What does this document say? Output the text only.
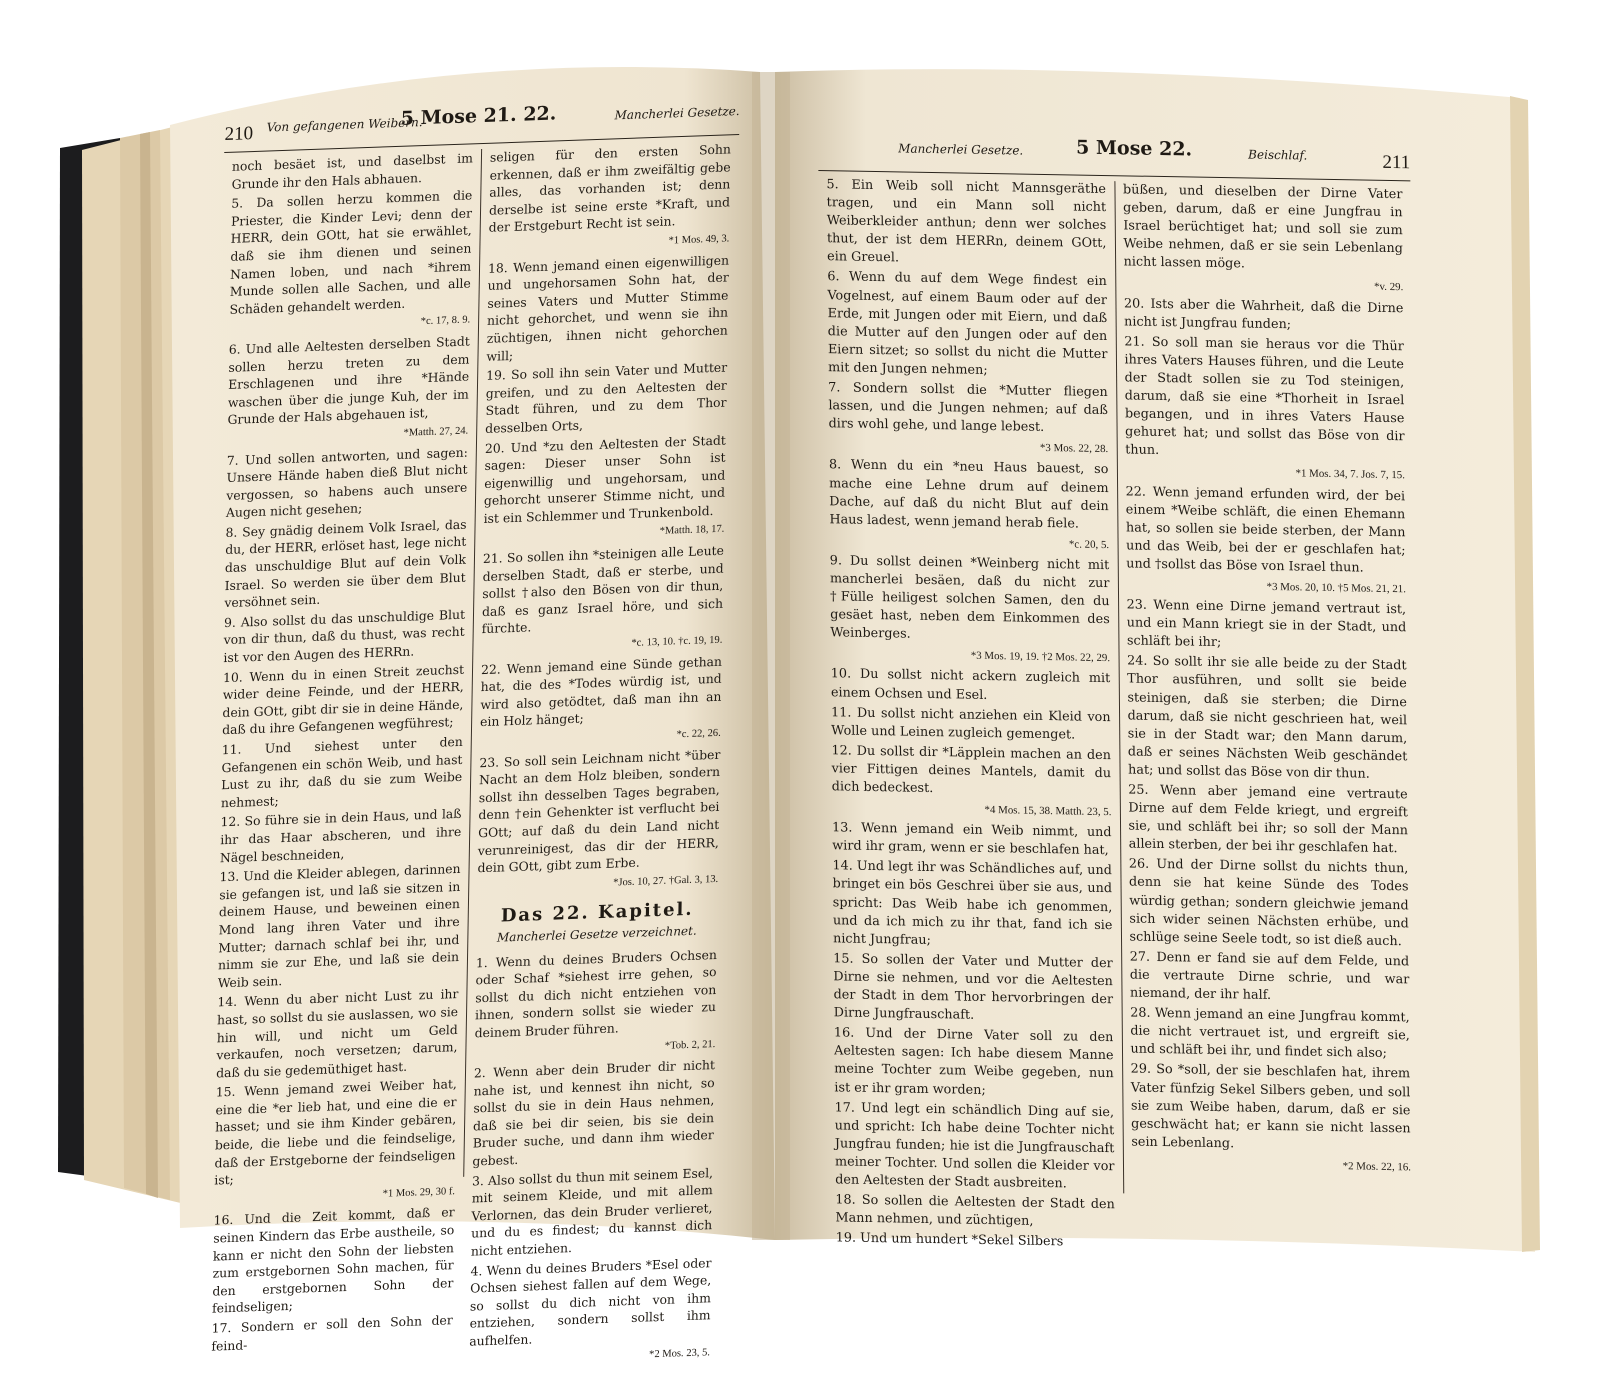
210 Von gefangenen Weibern.
5 Mose 21. 22.	Mancherlei Gesetze.

noch besäet ist, und daselbst im Grunde ihr den Hals abhauen.

5. Da sollen herzu kommen die Priester, die Kinder Levi; denn der HERR, dein GOtt, hat sie erwählet, daß sie ihm dienen und seinen Namen loben, und nach *ihrem Munde sollen alle Sachen, und alle Schäden gehandelt werden.

*c. 17, 8. 9.

6. Und alle Aeltesten derselben Stadt sollen herzu treten zu dem Erschlagenen und ihre *Hände waschen über die junge Kuh, der im Grunde der Hals abgehauen ist,

*Matth. 27, 24.

7. Und sollen antworten, und sagen: Unsere Hände haben dieß Blut nicht vergossen, so habens auch unsere Augen nicht gesehen;

8. Sey gnädig deinem Volk Israel, das du, der HERR, erlöset hast, lege nicht das unschuldige Blut auf dein Volk Israel. So werden sie über dem Blut versöhnet sein.

9. Also sollst du das unschuldige Blut von dir thun, daß du thust, was recht ist vor den Augen des HERRn.

10. Wenn du in einen Streit zeuchst wider deine Feinde, und der HERR, dein GOtt, gibt dir sie in deine Hände, daß du ihre Gefangenen wegführest;

11. Und siehest unter den Gefangenen ein schön Weib, und hast Lust zu ihr, daß du sie zum Weibe nehmest;

12. So führe sie in dein Haus, und laß ihr das Haar abscheren, und ihre Nägel beschneiden,

13. Und die Kleider ablegen, darinnen sie gefangen ist, und laß sie sitzen in deinem Hause, und beweinen einen Mond lang ihren Vater und ihre Mutter; darnach schlaf bei ihr, und nimm sie zur Ehe, und laß sie dein Weib sein.

14. Wenn du aber nicht Lust zu ihr hast, so sollst du sie auslassen, wo sie hin will, und nicht um Geld verkaufen, noch versetzen; darum, daß du sie gedemüthiget hast.

15. Wenn jemand zwei Weiber hat, eine die *er lieb hat, und eine die er hasset; und sie ihm Kinder gebären, beide, die liebe und die feindselige, daß der Erstgeborne der feindseligen ist;

*1 Mos. 29, 30 f.

16. Und die Zeit kommt, daß er seinen Kindern das Erbe austheile, so kann er nicht den Sohn der liebsten zum erstgebornen Sohn machen, für den erstgebornen Sohn der feindseligen;

17. Sondern er soll den Sohn der feind-

seligen für den ersten Sohn erkennen, daß er ihm zweifältig gebe alles, das vorhanden ist; denn derselbe ist seine erste *Kraft, und der Erstgeburt Recht ist sein.

*1 Mos. 49, 3.

18. Wenn jemand einen eigenwilligen und ungehorsamen Sohn hat, der seines Vaters und Mutter Stimme nicht gehorchet, und wenn sie ihn züchtigen, ihnen nicht gehorchen will;

19. So soll ihn sein Vater und Mutter greifen, und zu den Aeltesten der Stadt führen, und zu dem Thor desselben Orts,

20. Und *zu den Aeltesten der Stadt sagen: Dieser unser Sohn ist eigenwillig und ungehorsam, und gehorcht unserer Stimme nicht, und ist ein Schlemmer und Trunkenbold.

*Matth. 18, 17.

21. So sollen ihn *steinigen alle Leute derselben Stadt, daß er sterbe, und sollst †also den Bösen von dir thun, daß es ganz Israel höre, und sich fürchte.

*c. 13, 10. †c. 19, 19.

22. Wenn jemand eine Sünde gethan hat, die des *Todes würdig ist, und wird also getödtet, daß man ihn an ein Holz hänget;

*c. 22, 26.

23. So soll sein Leichnam nicht *über Nacht an dem Holz bleiben, sondern sollst ihn desselben Tages begraben, denn †ein Gehenkter ist verflucht bei GOtt; auf daß du dein Land nicht verunreinigest, das dir der HERR, dein GOtt, gibt zum Erbe.

*Jos. 10, 27. †Gal. 3, 13.

Das 22. Kapitel.

Mancherlei Gesetze verzeichnet.

1. Wenn du deines Bruders Ochsen oder Schaf *siehest irre gehen, so sollst du dich nicht entziehen von ihnen, sondern sollst sie wieder zu deinem Bruder führen.

*Tob. 2, 21.

2. Wenn aber dein Bruder dir nicht nahe ist, und kennest ihn nicht, so sollst du sie in dein Haus nehmen, daß sie bei dir seien, bis sie dein Bruder suche, und dann ihm wieder gebest.

3. Also sollst du thun mit seinem Esel, mit seinem Kleide, und mit allem Verlornen, das dein Bruder verlieret, und du es findest; du kannst dich nicht entziehen.

4. Wenn du deines Bruders *Esel oder Ochsen siehest fallen auf dem Wege, so sollst du dich nicht von ihm entziehen, sondern sollst ihm aufhelfen.

*2 Mos. 23, 5.

Mancherlei Gesetze.	5 Mose 22.	Beischlaf.	211

5. Ein Weib soll nicht Mannsgeräthe tragen, und ein Mann soll nicht Weiberkleider anthun; denn wer solches thut, der ist dem HERRn, deinem GOtt, ein Greuel.

6. Wenn du auf dem Wege findest ein Vogelnest, auf einem Baum oder auf der Erde, mit Jungen oder mit Eiern, und daß die Mutter auf den Jungen oder auf den Eiern sitzet; so sollst du nicht die Mutter mit den Jungen nehmen;

7. Sondern sollst die *Mutter fliegen lassen, und die Jungen nehmen; auf daß dirs wohl gehe, und lange lebest.

*3 Mos. 22, 28.

8. Wenn du ein *neu Haus bauest, so mache eine Lehne drum auf deinem Dache, auf daß du nicht Blut auf dein Haus ladest, wenn jemand herab fiele.

*c. 20, 5.

9. Du sollst deinen *Weinberg nicht mit mancherlei besäen, daß du nicht zur †Fülle heiligest solchen Samen, den du gesäet hast, neben dem Einkommen des Weinberges.

*3 Mos. 19, 19. †2 Mos. 22, 29.

10. Du sollst nicht ackern zugleich mit einem Ochsen und Esel.

11. Du sollst nicht anziehen ein Kleid von Wolle und Leinen zugleich gemenget.

12. Du sollst dir *Läpplein machen an den vier Fittigen deines Mantels, damit du dich bedeckest.

*4 Mos. 15, 38. Matth. 23, 5.

13. Wenn jemand ein Weib nimmt, und wird ihr gram, wenn er sie beschlafen hat,

14. Und legt ihr was Schändliches auf, und bringet ein bös Geschrei über sie aus, und spricht: Das Weib habe ich genommen, und da ich mich zu ihr that, fand ich sie nicht Jungfrau;

15. So sollen der Vater und Mutter der Dirne sie nehmen, und vor die Aeltesten der Stadt in dem Thor hervorbringen der Dirne Jungfrauschaft.

16. Und der Dirne Vater soll zu den Aeltesten sagen: Ich habe diesem Manne meine Tochter zum Weibe gegeben, nun ist er ihr gram worden;

17. Und legt ein schändlich Ding auf sie, und spricht: Ich habe deine Tochter nicht Jungfrau funden; hie ist die Jungfrauschaft meiner Tochter. Und sollen die Kleider vor den Aeltesten der Stadt ausbreiten.

18. So sollen die Aeltesten der Stadt den Mann nehmen, und züchtigen,

19. Und um hundert *Sekel Silbers

büßen, und dieselben der Dirne Vater geben, darum, daß er eine Jungfrau in Israel berüchtiget hat; und soll sie zum Weibe nehmen, daß er sie sein Lebenlang nicht lassen möge.

*v. 29.

20. Ists aber die Wahrheit, daß die Dirne nicht ist Jungfrau funden;

21. So soll man sie heraus vor die Thür ihres Vaters Hauses führen, und die Leute der Stadt sollen sie zu Tod steinigen, darum, daß sie eine *Thorheit in Israel begangen, und in ihres Vaters Hause gehuret hat; und sollst das Böse von dir thun.

*1 Mos. 34, 7. Jos. 7, 15.

22. Wenn jemand erfunden wird, der bei einem *Weibe schläft, die einen Ehemann hat, so sollen sie beide sterben, der Mann und das Weib, bei der er geschlafen hat; und †sollst das Böse von Israel thun.

*3 Mos. 20, 10. †5 Mos. 21, 21.

23. Wenn eine Dirne jemand vertraut ist, und ein Mann kriegt sie in der Stadt, und schläft bei ihr;

24. So sollt ihr sie alle beide zu der Stadt Thor ausführen, und sollt sie beide steinigen, daß sie sterben; die Dirne darum, daß sie nicht geschrieen hat, weil sie in der Stadt war; den Mann darum, daß er seines Nächsten Weib geschändet hat; und sollst das Böse von dir thun.

25. Wenn aber jemand eine vertraute Dirne auf dem Felde kriegt, und ergreift sie, und schläft bei ihr; so soll der Mann allein sterben, der bei ihr geschlafen hat.

26. Und der Dirne sollst du nichts thun, denn sie hat keine Sünde des Todes würdig gethan; sondern gleichwie jemand sich wider seinen Nächsten erhübe, und schlüge seine Seele todt, so ist dieß auch.

27. Denn er fand sie auf dem Felde, und die vertraute Dirne schrie, und war niemand, der ihr half.

28. Wenn jemand an eine Jungfrau kommt, die nicht vertrauet ist, und ergreift sie, und schläft bei ihr, und findet sich also;

29. So *soll, der sie beschlafen hat, ihrem Vater fünfzig Sekel Silbers geben, und soll sie zum Weibe haben, darum, daß er sie geschwächt hat; er kann sie nicht lassen sein Lebenlang.

*2 Mos. 22, 16.
